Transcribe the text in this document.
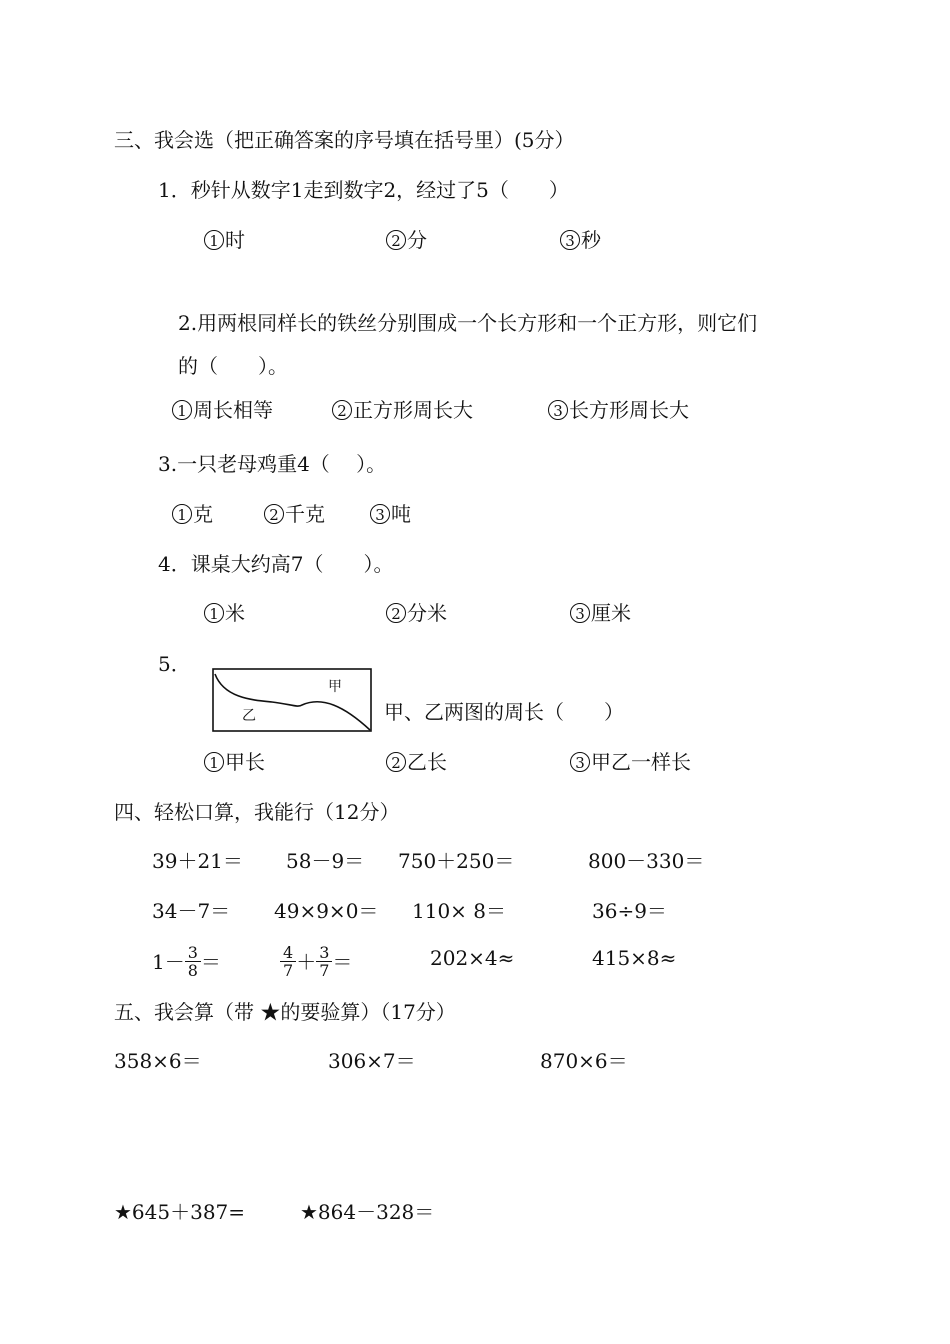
三、我会选（把正确答案的序号填在括号里）(5分）
1．秒针从数字1走到数字2，经过了5（　　）
1 时	2 分	3 秒
2.用两根同样长的铁丝分别围成一个长方形和一个正方形，则它们
的（　　）。
1 周长相等	2 正方形周长大	3 长方形周长大
3.一只老母鸡重4（　 ）。
1 克	2 千克	3 吨
4．课桌大约高7（　　）。
1 米	2 分米	3 厘米
5．
甲
乙	甲、乙两图的周长（　　）
1 甲长	2 乙长	3 甲乙一样长
四、轻松口算，我能行（12分）
39＋21＝ 58－9＝ 750＋250＝	800－330＝
34－7＝ 49×9×0＝ 110× 8＝	36÷9＝
$1- \frac{3}{8}$ ＝	$\frac{4}{7} + \frac{3}{7}$ ＝	202×4≈	415×8≈
五、我会算（带 ★的要验算）（17分）
358×6＝	306×7＝	870×6＝
★645＋387=	★864－328＝
